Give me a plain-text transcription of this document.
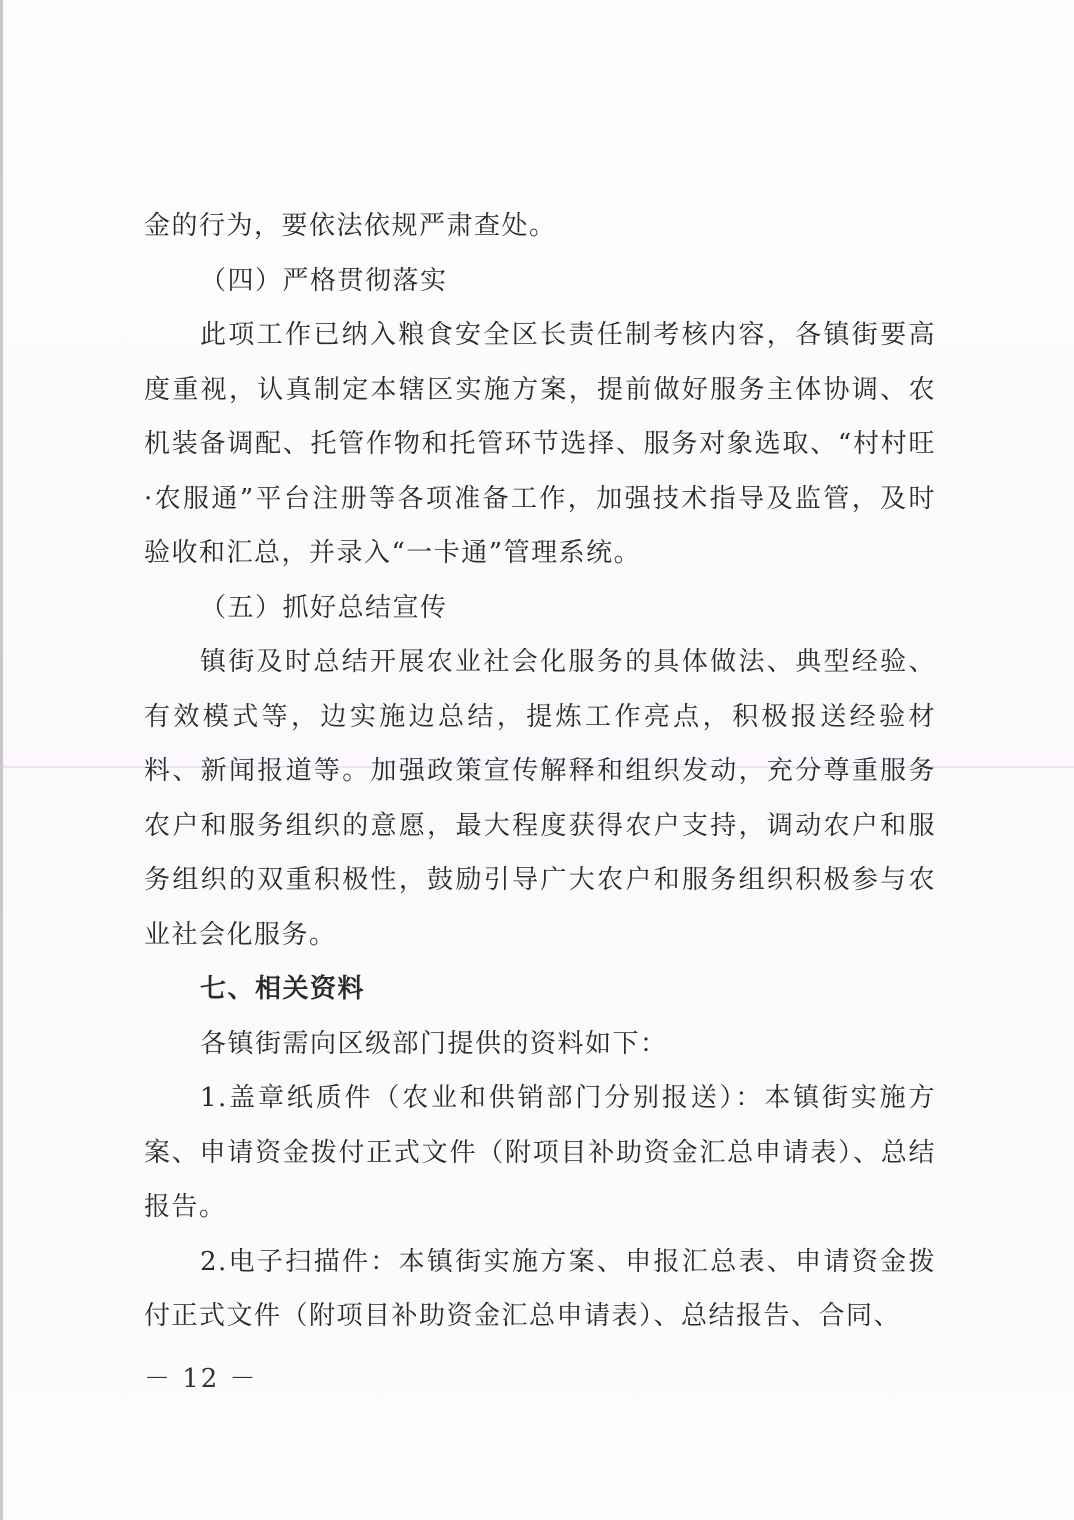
金的行为，要依法依规严肃查处。

（四）严格贯彻落实

此项工作已纳入粮食安全区长责任制考核内容，各镇街要高度重视，认真制定本辖区实施方案，提前做好服务主体协调、农机装备调配、托管作物和托管环节选择、服务对象选取、“村村旺·农服通”平台注册等各项准备工作，加强技术指导及监管，及时验收和汇总，并录入“一卡通”管理系统。

（五）抓好总结宣传

镇街及时总结开展农业社会化服务的具体做法、典型经验、有效模式等，边实施边总结，提炼工作亮点，积极报送经验材料、新闻报道等。加强政策宣传解释和组织发动，充分尊重服务农户和服务组织的意愿，最大程度获得农户支持，调动农户和服务组织的双重积极性，鼓励引导广大农户和服务组织积极参与农业社会化服务。

七、相关资料

各镇街需向区级部门提供的资料如下：

1.盖章纸质件（农业和供销部门分别报送）：本镇街实施方案、申请资金拨付正式文件（附项目补助资金汇总申请表）、总结报告。

2.电子扫描件：本镇街实施方案、申报汇总表、申请资金拨付正式文件（附项目补助资金汇总申请表）、总结报告、合同、

－ 12 －
